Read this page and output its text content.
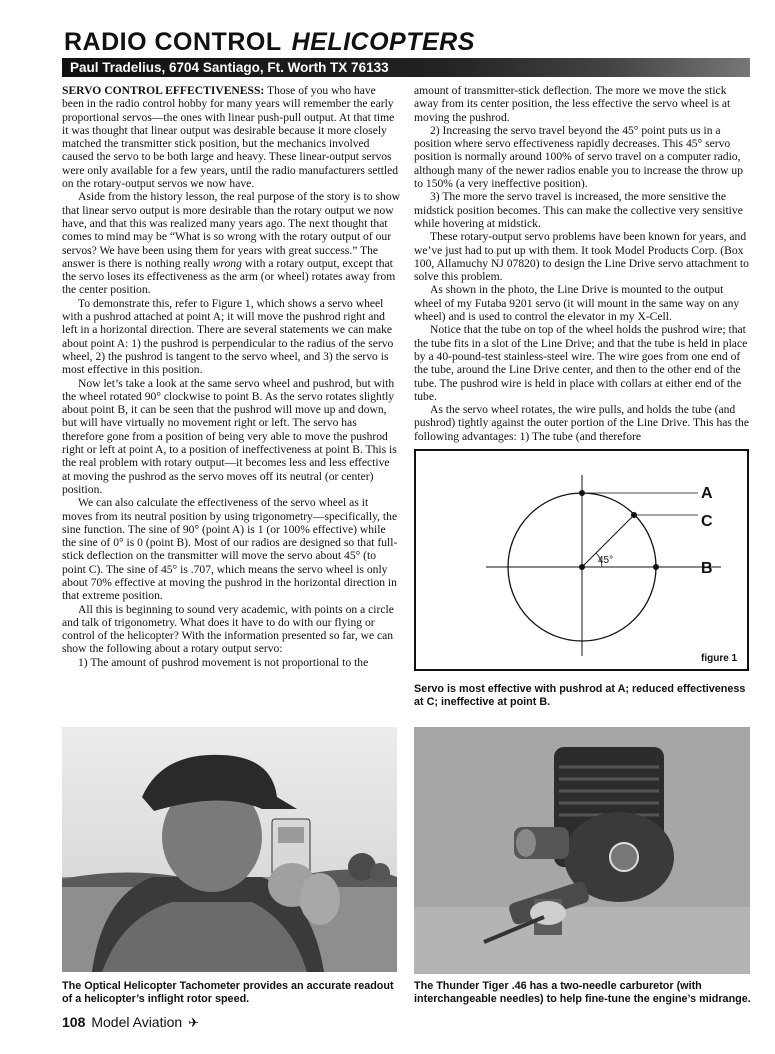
RADIO CONTROL HELICOPTERS
Paul Tradelius, 6704 Santiago, Ft. Worth TX 76133

SERVO CONTROL EFFECTIVENESS: Those of you who have been in the radio control hobby for many years will remember the early proportional servos—the ones with linear push-pull output. At that time it was thought that linear output was desirable because it more closely matched the transmitter stick position, but the mechanics involved caused the servo to be both large and heavy. These linear-output servos were only available for a few years, until the radio manufacturers settled on the rotary-output servos we now have.

Aside from the history lesson, the real purpose of the story is to show that linear servo output is more desirable than the rotary output we now have, and that this was realized many years ago. The next thought that comes to mind may be “What is so wrong with the rotary output of our servos? We have been using them for years with great success.” The answer is there is nothing really wrong with a rotary output, except that the servo loses its effectiveness as the arm (or wheel) rotates away from the center position.

To demonstrate this, refer to Figure 1, which shows a servo wheel with a pushrod attached at point A; it will move the pushrod right and left in a horizontal direction. There are several statements we can make about point A: 1) the pushrod is perpendicular to the radius of the servo wheel, 2) the pushrod is tangent to the servo wheel, and 3) the servo is most effective in this position.

Now let’s take a look at the same servo wheel and pushrod, but with the wheel rotated 90° clockwise to point B. As the servo rotates slightly about point B, it can be seen that the pushrod will move up and down, but will have virtually no movement right or left. The servo has therefore gone from a position of being very able to move the pushrod right or left at point A, to a position of ineffectiveness at point B. This is the real problem with rotary output—it becomes less and less effective at moving the pushrod as the servo moves off its neutral (or center) position.

We can also calculate the effectiveness of the servo wheel as it moves from its neutral position by using trigonometry—specifically, the sine function. The sine of 90° (point A) is 1 (or 100% effective) while the sine of 0° is 0 (point B). Most of our radios are designed so that full-stick deflection on the transmitter will move the servo about 45° (to point C). The sine of 45° is .707, which means the servo wheel is only about 70% effective at moving the pushrod in the horizontal direction in that extreme position.

All this is beginning to sound very academic, with points on a circle and talk of trigonometry. What does it have to do with our flying or control of the helicopter? With the information presented so far, we can show the following about a rotary output servo:

1) The amount of pushrod movement is not proportional to the

amount of transmitter-stick deflection. The more we move the stick away from its center position, the less effective the servo wheel is at moving the pushrod.

2) Increasing the servo travel beyond the 45° point puts us in a position where servo effectiveness rapidly decreases. This 45° servo position is normally around 100% of servo travel on a computer radio, although many of the newer radios enable you to increase the throw up to 150% (a very ineffective position).

3) The more the servo travel is increased, the more sensitive the midstick position becomes. This can make the collective very sensitive while hovering at midstick.

These rotary-output servo problems have been known for years, and we’ve just had to put up with them. It took Model Products Corp. (Box 100, Allamuchy NJ 07820) to design the Line Drive servo attachment to solve this problem.

As shown in the photo, the Line Drive is mounted to the output wheel of my Futaba 9201 servo (it will mount in the same way on any wheel) and is used to control the elevator in my X-Cell.

Notice that the tube on top of the wheel holds the pushrod wire; that the tube fits in a slot of the Line Drive; and that the tube is held in place by a 40-pound-test stainless-steel wire. The wire goes from one end of the tube, around the Line Drive center, and then to the other end of the tube. The pushrod wire is held in place with collars at either end of the tube.

As the servo wheel rotates, the wire pulls, and holds the tube (and pushrod) tightly against the outer portion of the Line Drive. This has the following advantages: 1) The tube (and therefore

45°
A
C
B
figure 1
Servo is most effective with pushrod at A; reduced effectiveness at C; ineffective at point B.
The Optical Helicopter Tachometer provides an accurate readout of a helicopter’s inflight rotor speed.
The Thunder Tiger .46 has a two-needle carburetor (with interchangeable needles) to help fine-tune the engine’s midrange.
108 Model Aviation ✈
